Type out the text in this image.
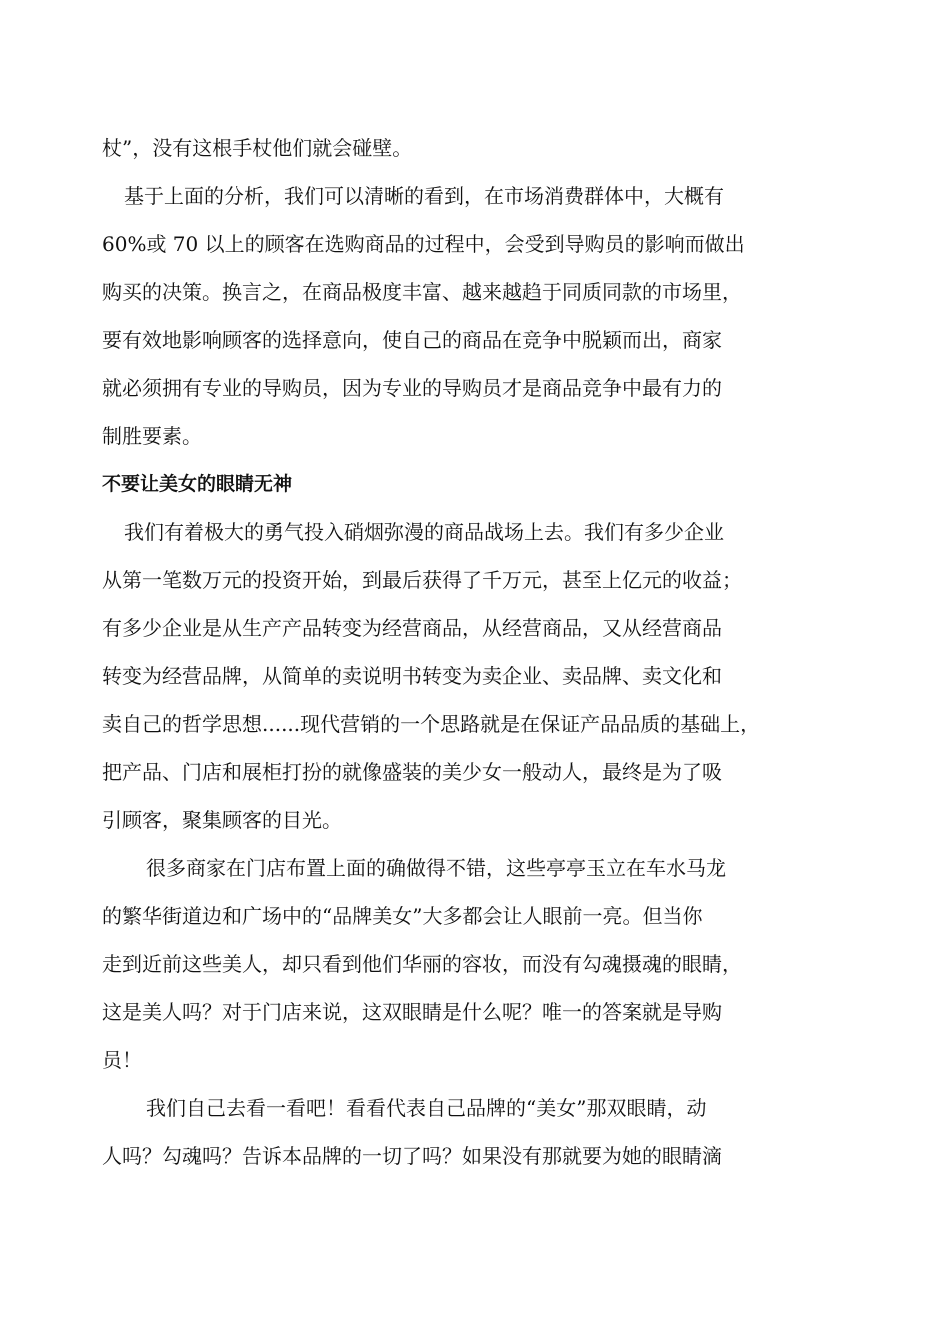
杖”，没有这根手杖他们就会碰壁。
基于上面的分析，我们可以清晰的看到，在市场消费群体中，大概有
60%或 70 以上的顾客在选购商品的过程中，会受到导购员的影响而做出
购买的决策。换言之，在商品极度丰富、越来越趋于同质同款的市场里，
要有效地影响顾客的选择意向，使自己的商品在竞争中脱颖而出，商家
就必须拥有专业的导购员，因为专业的导购员才是商品竞争中最有力的
制胜要素。
不要让美女的眼睛无神
我们有着极大的勇气投入硝烟弥漫的商品战场上去。我们有多少企业
从第一笔数万元的投资开始，到最后获得了千万元，甚至上亿元的收益；
有多少企业是从生产产品转变为经营商品，从经营商品，又从经营商品
转变为经营品牌，从简单的卖说明书转变为卖企业、卖品牌、卖文化和
卖自己的哲学思想......现代营销的一个思路就是在保证产品品质的基础上，
把产品、门店和展柜打扮的就像盛装的美少女一般动人，最终是为了吸
引顾客，聚集顾客的目光。
很多商家在门店布置上面的确做得不错，这些亭亭玉立在车水马龙
的繁华街道边和广场中的“品牌美女”大多都会让人眼前一亮。但当你
走到近前这些美人，却只看到他们华丽的容妆，而没有勾魂摄魂的眼睛，
这是美人吗？对于门店来说，这双眼睛是什么呢？唯一的答案就是导购
员！
我们自己去看一看吧！看看代表自己品牌的“美女”那双眼睛，动
人吗？勾魂吗？告诉本品牌的一切了吗？如果没有那就要为她的眼睛滴
